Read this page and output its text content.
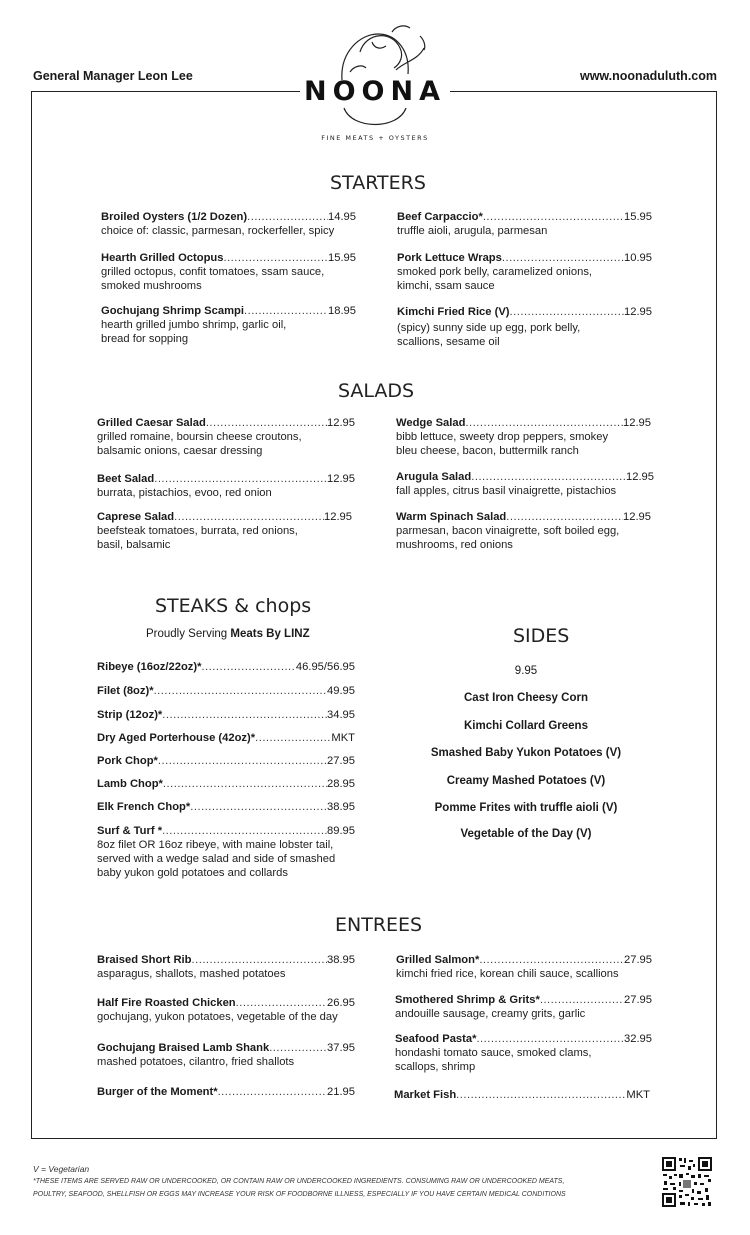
General Manager Leon Lee	www.noonaduluth.com
FINE MEATS + OYSTERS
NOONA
STARTERS
Broiled Oysters (1/2 Dozen) .....	14.95
choice of: classic, parmesan, rockerfeller, spicy
Hearth Grilled Octopus .....	15.95
grilled octopus, confit tomatoes, ssam sauce,
smoked mushrooms
Gochujang Shrimp Scampi .....	18.95
hearth grilled jumbo shrimp, garlic oil,
bread for sopping
Beef Carpaccio* .....	15.95
truffle aioli, arugula, parmesan
Pork Lettuce Wraps .....	10.95
smoked pork belly, caramelized onions,
kimchi, ssam sauce
Kimchi Fried Rice (V) .....	12.95
(spicy) sunny side up egg, pork belly,
scallions, sesame oil
SALADS
Grilled Caesar Salad .....	12.95
grilled romaine, boursin cheese croutons,
balsamic onions, caesar dressing
Beet Salad .....	12.95
burrata, pistachios, evoo, red onion
Caprese Salad .....	12.95
beefsteak tomatoes, burrata, red onions,
basil, balsamic
Wedge Salad .....	12.95
bibb lettuce, sweety drop peppers, smokey
bleu cheese, bacon, buttermilk ranch
Arugula Salad .....	12.95
fall apples, citrus basil vinaigrette, pistachios
Warm Spinach Salad .....	12.95
parmesan, bacon vinaigrette, soft boiled egg,
mushrooms, red onions
STEAKS & chops
Proudly Serving Meats By LINZ
Ribeye (16oz/22oz)* .....	46.95/56.95
Filet (8oz)* .....	49.95
Strip (12oz)* .....	34.95
Dry Aged Porterhouse (42oz)* .....	MKT
Pork Chop* .....	27.95
Lamb Chop* .....	28.95
Elk French Chop* .....	38.95
Surf & Turf * .....	89.95
8oz filet OR 16oz ribeye, with maine lobster tail,
served with a wedge salad and side of smashed
baby yukon gold potatoes and collards
SIDES
9.95
Cast Iron Cheesy Corn
Kimchi Collard Greens
Smashed Baby Yukon Potatoes (V)
Creamy Mashed Potatoes (V)
Pomme Frites with truffle aioli (V)
Vegetable of the Day (V)
ENTREES
Braised Short Rib .....	38.95
asparagus, shallots, mashed potatoes
Half Fire Roasted Chicken .....	26.95
gochujang, yukon potatoes, vegetable of the day
Gochujang Braised Lamb Shank .....	37.95
mashed potatoes, cilantro, fried shallots
Burger of the Moment* .....	21.95
Grilled Salmon* .....	27.95
kimchi fried rice, korean chili sauce, scallions
Smothered Shrimp & Grits* .....	27.95
andouille sausage, creamy grits, garlic
Seafood Pasta* .....	32.95
hondashi tomato sauce, smoked clams,
scallops, shrimp
Market Fish .....	MKT
V = Vegetarian
*THESE ITEMS ARE SERVED RAW OR UNDERCOOKED, OR CONTAIN RAW OR UNDERCOOKED INGREDIENTS. CONSUMING RAW OR UNDERCOOKED MEATS,
POULTRY, SEAFOOD, SHELLFISH OR EGGS MAY INCREASE YOUR RISK OF FOODBORNE ILLNESS, ESPECIALLY IF YOU HAVE CERTAIN MEDICAL CONDITIONS
